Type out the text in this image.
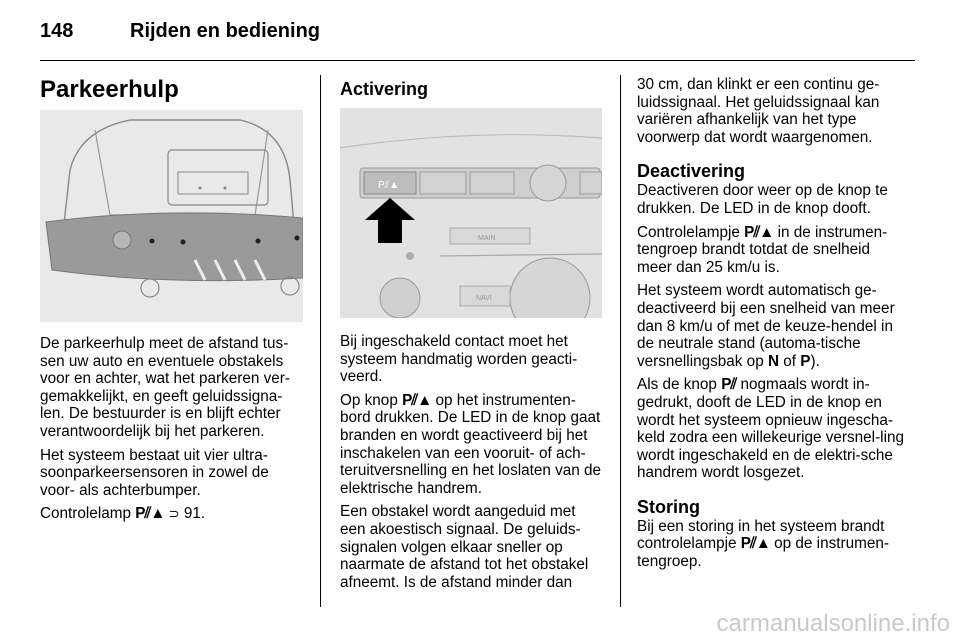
148	Rijden en bediening
Parkeerhulp

De parkeerhulp meet de afstand tus-sen uw auto en eventuele obstakels voor en achter, wat het parkeren ver-gemakkelijkt, en geeft geluidssigna-len. De bestuurder is en blijft echter verantwoordelijk bij het parkeren.

Het systeem bestaat uit vier ultra-soonparkeersensoren in zowel de voor- als achterbumper.

Controlelamp P⫽▲ ⊃ 91.

Activering
P⫽▲
MAIN
NAVI

Bij ingeschakeld contact moet het systeem handmatig worden geacti-veerd.

Op knop P⫽▲ op het instrumenten-bord drukken. De LED in de knop gaat branden en wordt geactiveerd bij het inschakelen van een vooruit- of ach-teruitversnelling en het loslaten van de elektrische handrem.

Een obstakel wordt aangeduid met een akoestisch signaal. De geluids-signalen volgen elkaar sneller op naarmate de afstand tot het obstakel afneemt. Is de afstand minder dan

30 cm, dan klinkt er een continu ge-luidssignaal. Het geluidssignaal kan variëren afhankelijk van het type voorwerp dat wordt waargenomen.

Deactivering

Deactiveren door weer op de knop te drukken. De LED in de knop dooft.

Controlelampje P⫽▲ in de instrumen-tengroep brandt totdat de snelheid meer dan 25 km/u is.

Het systeem wordt automatisch ge-deactiveerd bij een snelheid van meer dan 8 km/u of met de keuze-hendel in de neutrale stand (automa-tische versnellingsbak op N of P).

Als de knop P⫽ nogmaals wordt in-gedrukt, dooft de LED in de knop en wordt het systeem opnieuw ingescha-keld zodra een willekeurige versnel-ling wordt ingeschakeld en de elektri-sche handrem wordt losgezet.

Storing

Bij een storing in het systeem brandt controlelampje P⫽▲ op de instrumen-tengroep.

carmanualsonline.info
